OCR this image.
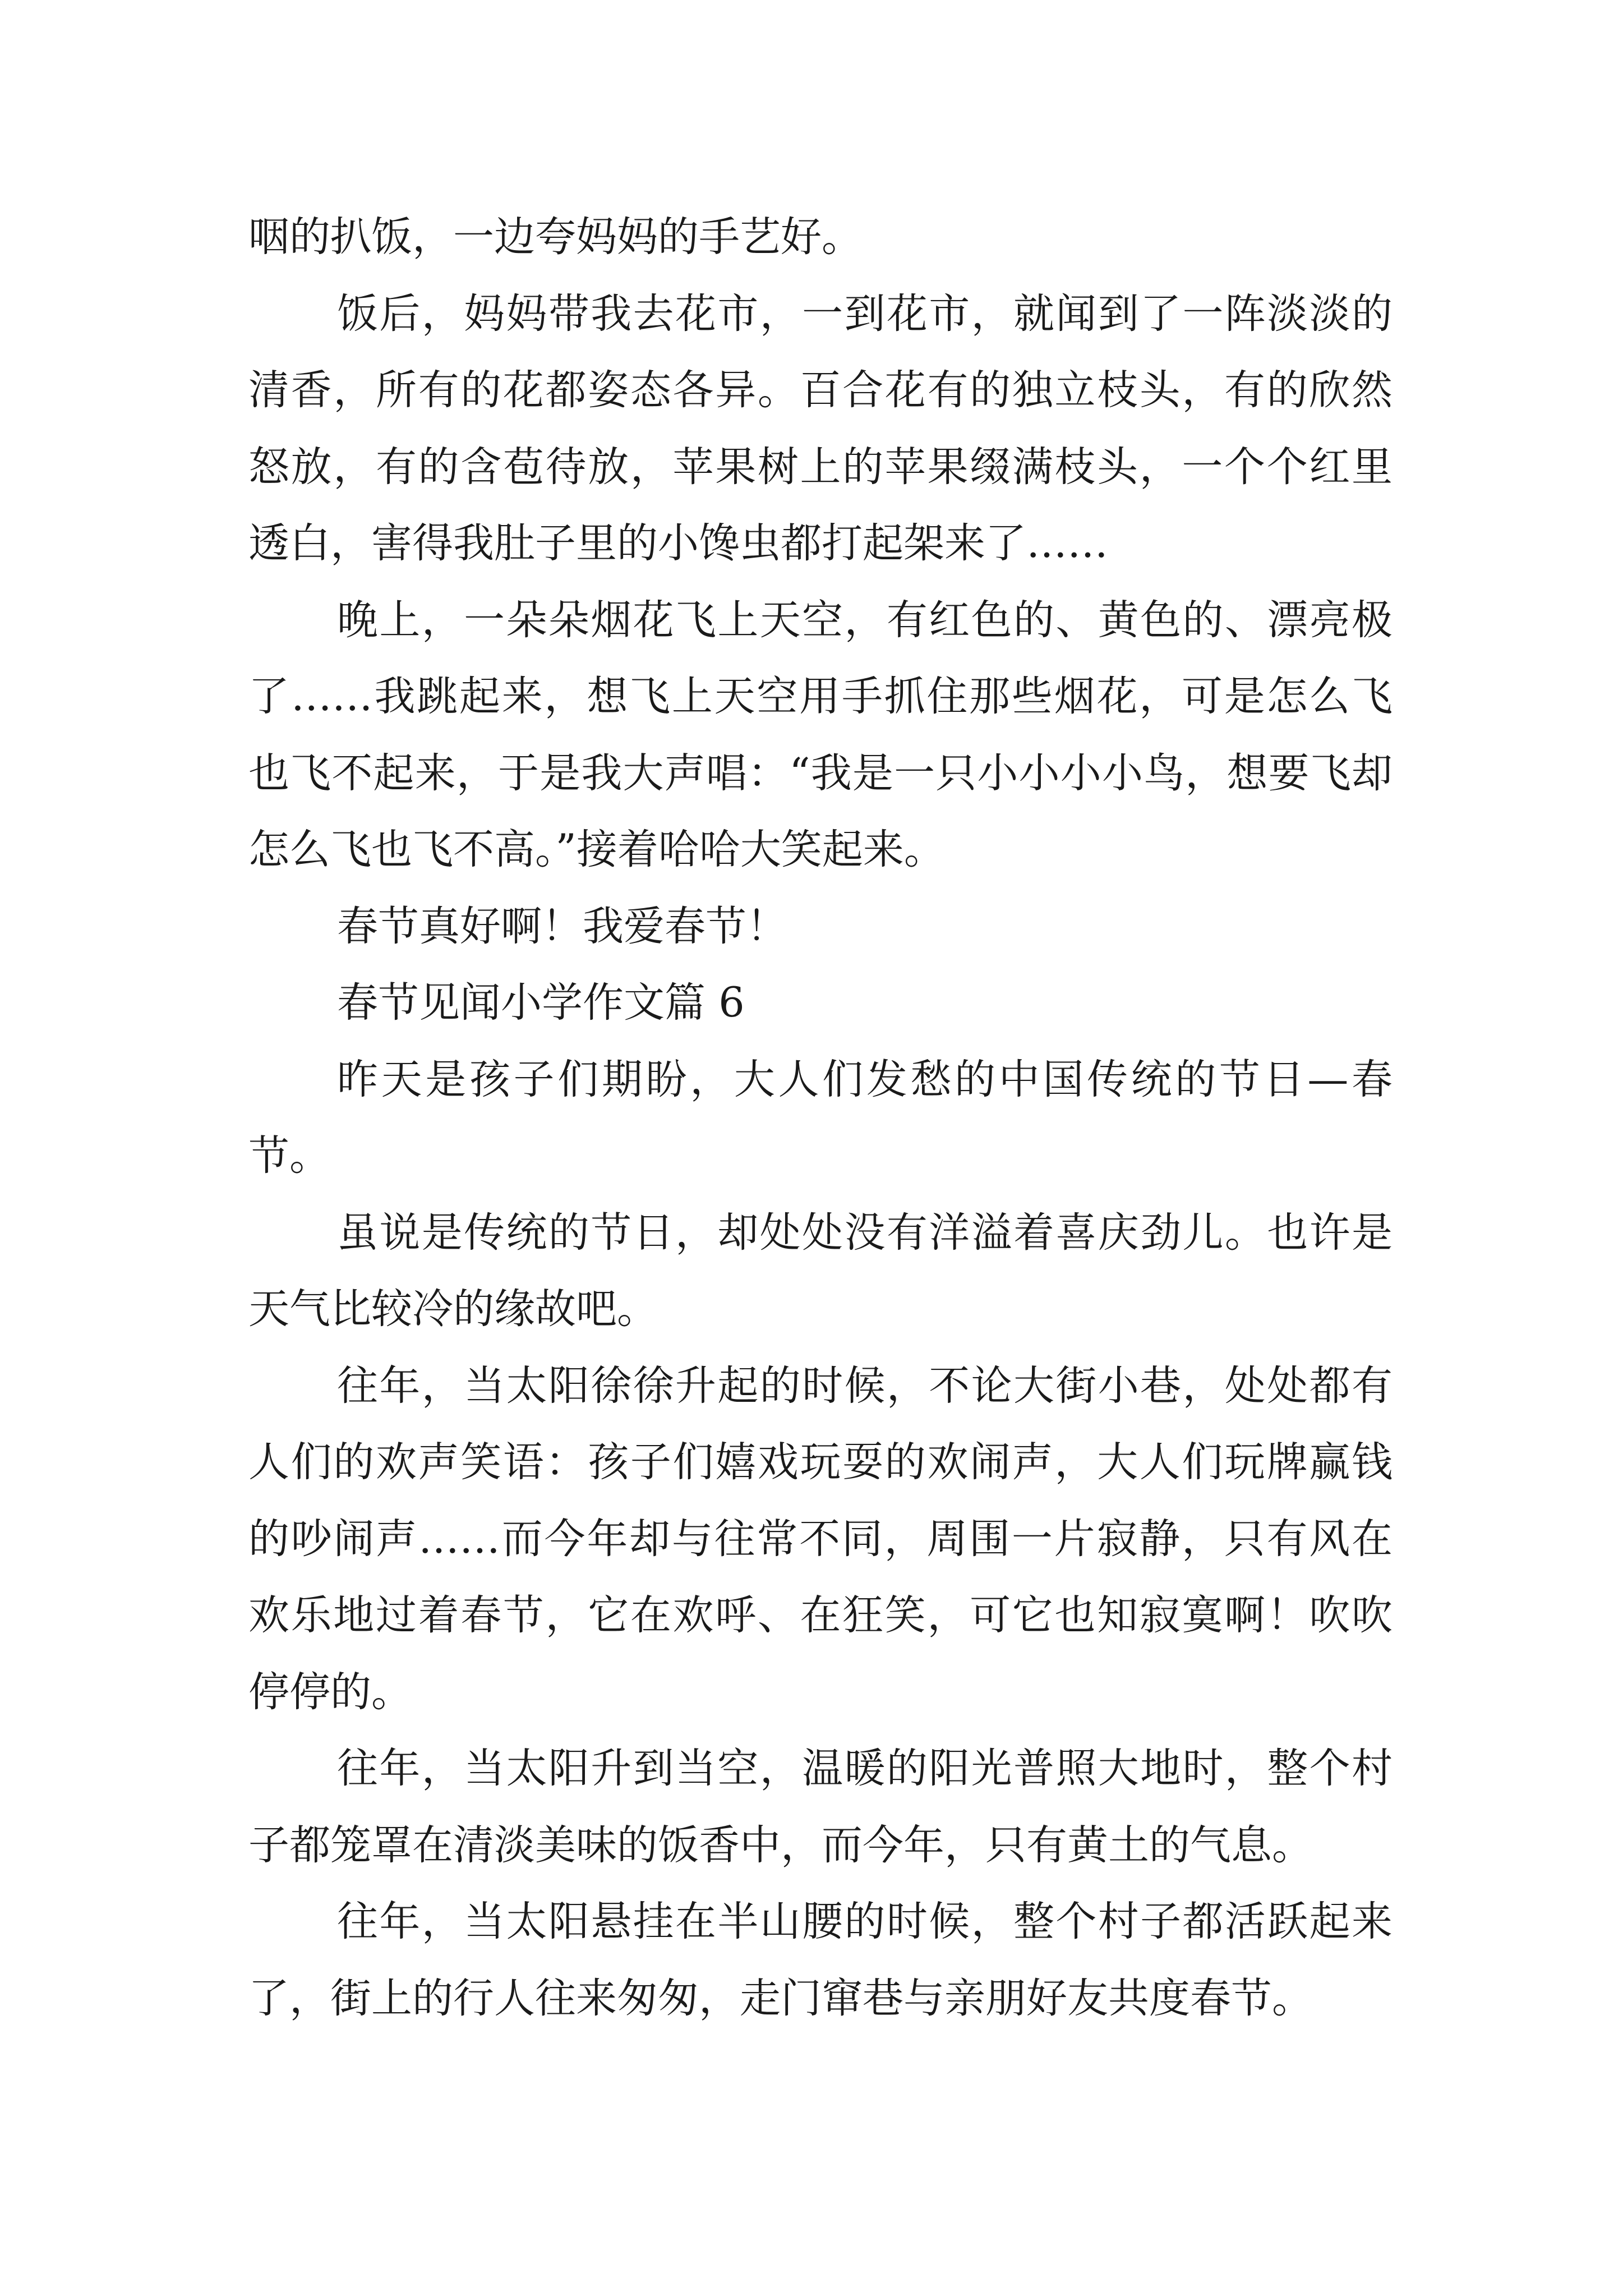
咽的扒饭，一边夸妈妈的手艺好。

饭后，妈妈带我去花市，一到花市，就闻到了一阵淡淡的清香，所有的花都姿态各异。百合花有的独立枝头，有的欣然怒放，有的含苞待放，苹果树上的苹果缀满枝头，一个个红里透白，害得我肚子里的小馋虫都打起架来了……

晚上，一朵朵烟花飞上天空，有红色的、黄色的、漂亮极了……我跳起来，想飞上天空用手抓住那些烟花，可是怎么飞也飞不起来，于是我大声唱：“我是一只小小小小鸟，想要飞却怎么飞也飞不高。”接着哈哈大笑起来。

春节真好啊！我爱春节！

春节见闻小学作文篇 6

昨天是孩子们期盼，大人们发愁的中国传统的节日—春节。

虽说是传统的节日，却处处没有洋溢着喜庆劲儿。也许是天气比较冷的缘故吧。

往年，当太阳徐徐升起的时候，不论大街小巷，处处都有人们的欢声笑语：孩子们嬉戏玩耍的欢闹声，大人们玩牌赢钱的吵闹声……而今年却与往常不同，周围一片寂静，只有风在欢乐地过着春节，它在欢呼、在狂笑，可它也知寂寞啊！吹吹停停的。

往年，当太阳升到当空，温暖的阳光普照大地时，整个村子都笼罩在清淡美味的饭香中，而今年，只有黄土的气息。

往年，当太阳悬挂在半山腰的时候，整个村子都活跃起来了，街上的行人往来匆匆，走门窜巷与亲朋好友共度春节。
